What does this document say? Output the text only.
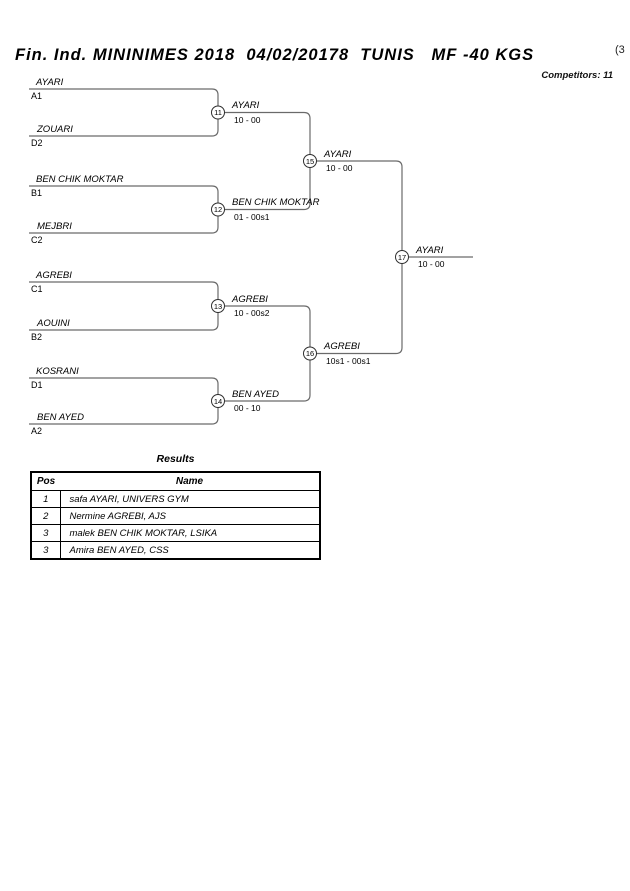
Fin. Ind. MININIMES 2018  04/02/20178  TUNIS   MF -40 KGS	(3
Competitors: 11
11
12
13
14
15
16
17
AYARI
A1
ZOUARI
D2
AYARI
10 - 00
BEN CHIK MOKTAR
B1
MEJBRI
C2
BEN CHIK MOKTAR
01 - 00s1
AGREBI
C1
AOUINI
B2
AGREBI
10 - 00s2
KOSRANI
D1
BEN AYED
A2
BEN AYED
00 - 10
AYARI
10 - 00
AGREBI
10s1 - 00s1
AYARI
10 - 00
Results
Pos	Name
1	safa AYARI, UNIVERS GYM
2	Nermine AGREBI, AJS
3	malek BEN CHIK MOKTAR, LSIKA
3	Amira BEN AYED, CSS
